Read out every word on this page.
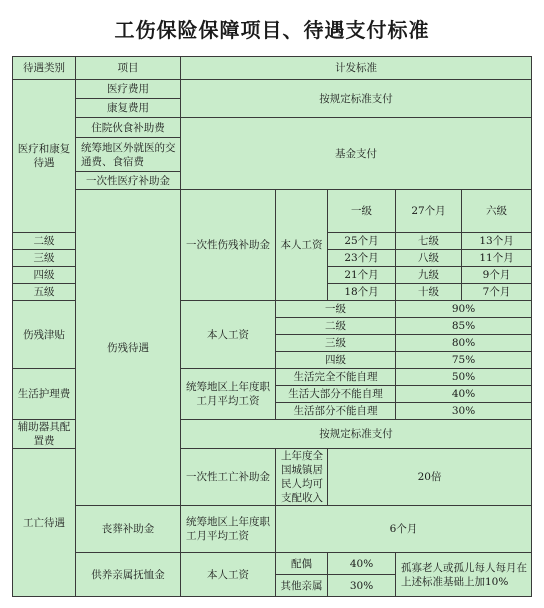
工伤保险保障项目、待遇支付标准
待遇类别	项目	计发标准					
医疗和康复待遇	医疗费用	按规定标准支付					
	康复费用						
	住院伙食补助费	基金支付					
	统筹地区外就医的交通费、食宿费						
	一次性医疗补助金						
	伤残待遇	一次性伤残补助金	本人工资	一级	27个月	六级	
二级				25个月	七级	13个月	
三级				23个月	八级	11个月	
四级				21个月	九级	9个月	
五级				18个月	十级	7个月	
伤残津贴		本人工资	一级		90%		
			二级		85%		
			三级		80%		
			四级		75%		
生活护理费		统筹地区上年度职工月平均工资	生活完全不能自理		50%		
			生活大部分不能自理		40%		
			生活部分不能自理		30%		
辅助器具配置费		按规定标准支付					
工亡待遇		一次性工亡补助金	上年度全国城镇居民人均可支配收入	20倍			
	丧葬补助金	统筹地区上年度职工月平均工资	6个月				
	供养亲属抚恤金	本人工资	配偶	40%	孤寡老人或孤儿每人每月在上述标准基础上加10%		
			其他亲属	30%			
